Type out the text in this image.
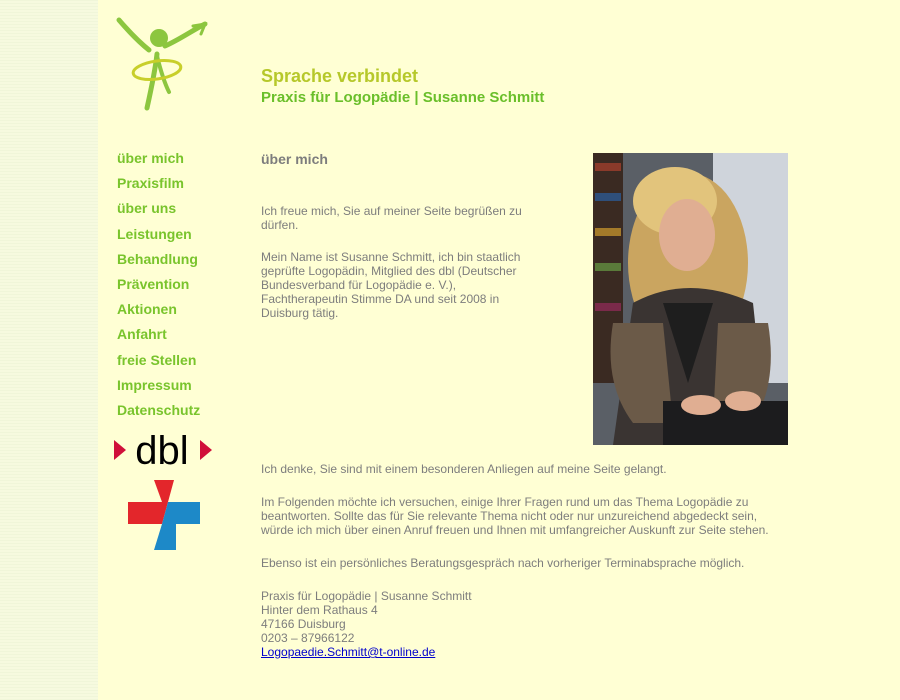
Sprache verbindet
Praxis für Logopädie | Susanne Schmitt
über mich
Praxisfilm
über uns
Leistungen
Behandlung
Prävention
Aktionen
Anfahrt
freie Stellen
Impressum
Datenschutz
dbl
über mich

Ich freue mich, Sie auf meiner Seite begrüßen zu dürfen.

Mein Name ist Susanne Schmitt, ich bin staatlich geprüfte Logopädin, Mitglied des dbl (Deutscher Bundesverband für Logopädie e. V.), Fachtherapeutin Stimme DA und seit 2008 in Duisburg tätig.

Ich denke, Sie sind mit einem besonderen Anliegen auf meine Seite gelangt.

Im Folgenden möchte ich versuchen, einige Ihrer Fragen rund um das Thema Logopädie zu beantworten. Sollte das für Sie relevante Thema nicht oder nur unzureichend abgedeckt sein, würde ich mich über einen Anruf freuen und Ihnen mit umfangreicher Auskunft zur Seite stehen.

Ebenso ist ein persönliches Beratungsgespräch nach vorheriger Terminabsprache möglich.

Praxis für Logopädie | Susanne Schmitt
Hinter dem Rathaus 4
47166 Duisburg
0203 – 87966122
Logopaedie.Schmitt@t-online.de
